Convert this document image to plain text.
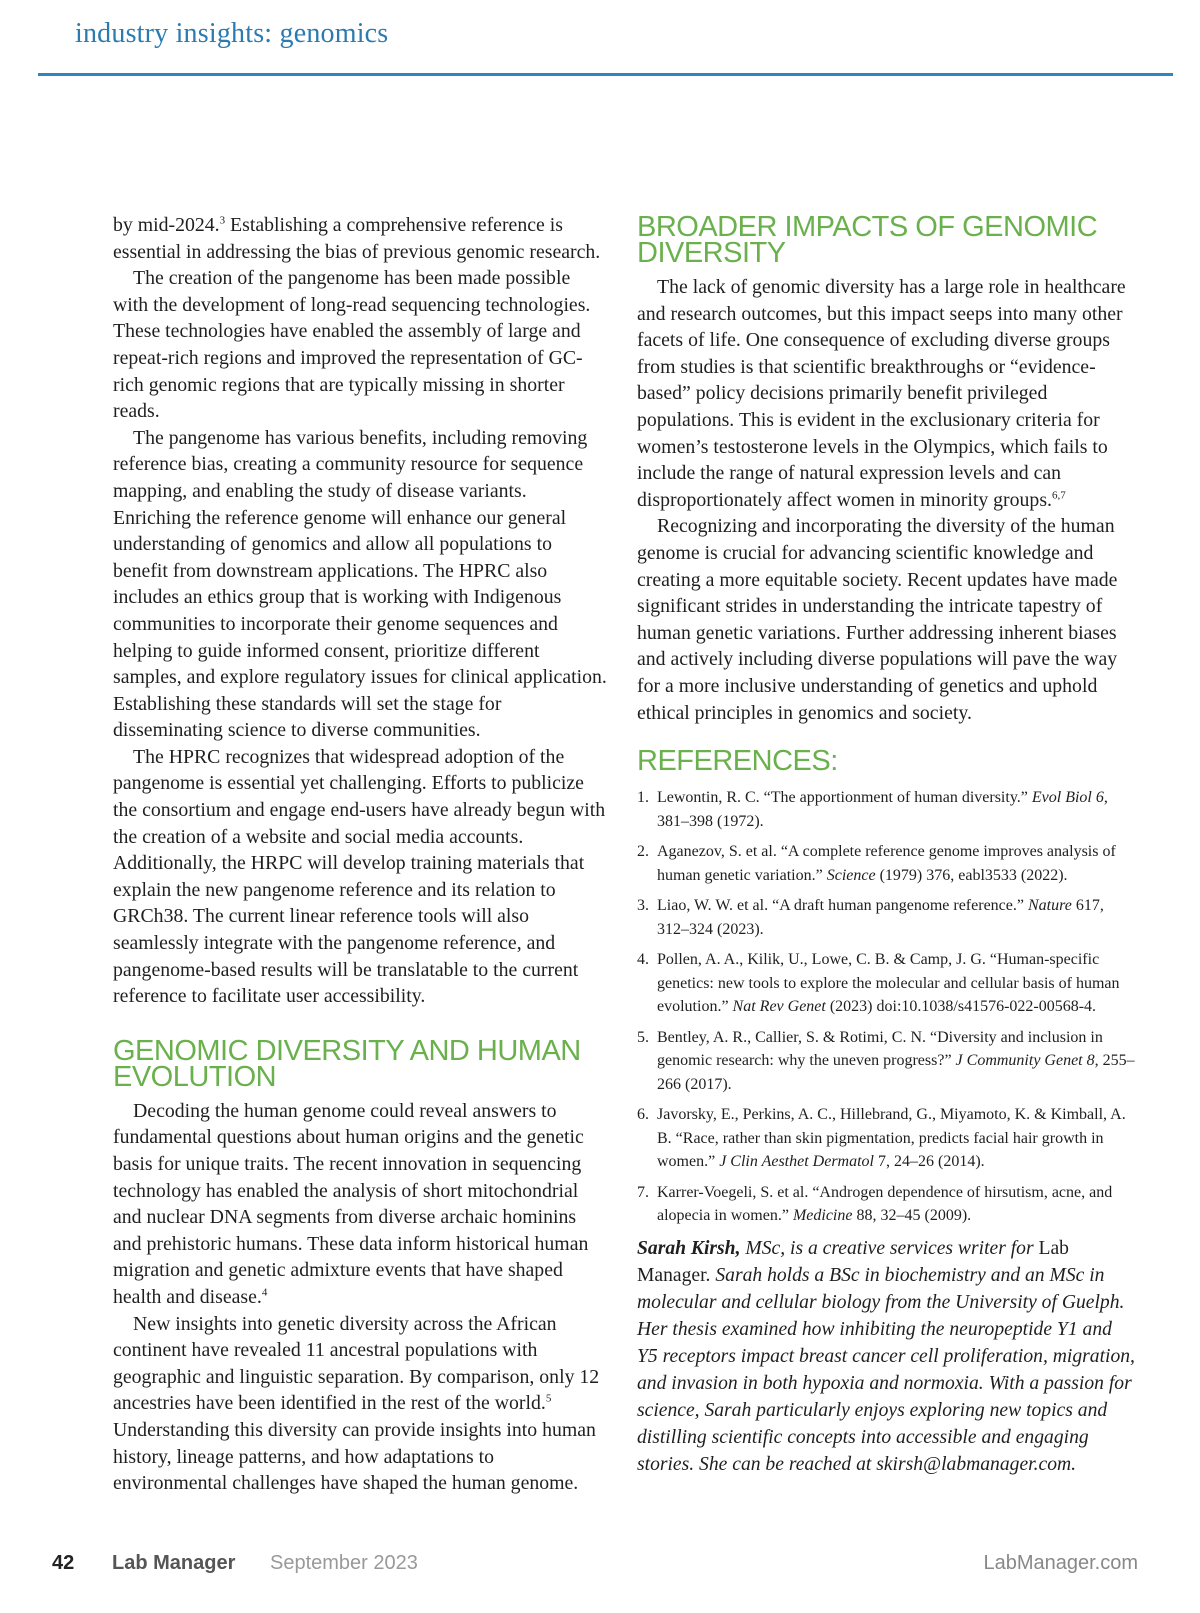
industry insights: genomics

by mid-2024.$^3$ Establishing a comprehensive reference is essential in addressing the bias of previous genomic research.

The creation of the pangenome has been made possible with the development of long-read sequencing technologies. These technologies have enabled the assembly of large and repeat-rich regions and improved the representation of GC-rich genomic regions that are typically missing in shorter reads.

The pangenome has various benefits, including removing reference bias, creating a community resource for sequence mapping, and enabling the study of disease variants. Enriching the reference genome will enhance our general understanding of genomics and allow all populations to benefit from downstream applications. The HPRC also includes an ethics group that is working with Indigenous communities to incorporate their genome sequences and helping to guide informed consent, prioritize different samples, and explore regulatory issues for clinical application. Establishing these standards will set the stage for disseminating science to diverse communities.

The HPRC recognizes that widespread adoption of the pangenome is essential yet challenging. Efforts to publicize the consortium and engage end-users have already begun with the creation of a website and social media accounts. Additionally, the HRPC will develop training materials that explain the new pangenome reference and its relation to GRCh38. The current linear reference tools will also seamlessly integrate with the pangenome reference, and pangenome-based results will be translatable to the current reference to facilitate user accessibility.

GENOMIC DIVERSITY AND HUMAN EVOLUTION

Decoding the human genome could reveal answers to fundamental questions about human origins and the genetic basis for unique traits. The recent innovation in sequencing technology has enabled the analysis of short mitochondrial and nuclear DNA segments from diverse archaic hominins and prehistoric humans. These data inform historical human migration and genetic admixture events that have shaped health and disease.$^4$

New insights into genetic diversity across the African continent have revealed 11 ancestral populations with geographic and linguistic separation. By comparison, only 12 ancestries have been identified in the rest of the world.$^5$ Understanding this diversity can provide insights into human history, lineage patterns, and how adaptations to environmental challenges have shaped the human genome.

BROADER IMPACTS OF GENOMIC DIVERSITY

The lack of genomic diversity has a large role in healthcare and research outcomes, but this impact seeps into many other facets of life. One consequence of excluding diverse groups from studies is that scientific breakthroughs or “evidence-based” policy decisions primarily benefit privileged populations. This is evident in the exclusionary criteria for women’s testosterone levels in the Olympics, which fails to include the range of natural expression levels and can disproportionately affect women in minority groups.$^{6,7}$

Recognizing and incorporating the diversity of the human genome is crucial for advancing scientific knowledge and creating a more equitable society. Recent updates have made significant strides in understanding the intricate tapestry of human genetic variations. Further addressing inherent biases and actively including diverse populations will pave the way for a more inclusive understanding of genetics and uphold ethical principles in genomics and society.

REFERENCES:
1. Lewontin, R. C. “The apportionment of human diversity.” Evol Biol 6, 381–398 (1972).
2. Aganezov, S. et al. “A complete reference genome improves analysis of human genetic variation.” Science (1979) 376, eabl3533 (2022).
3. Liao, W. W. et al. “A draft human pangenome reference.” Nature 617, 312–324 (2023).
4. Pollen, A. A., Kilik, U., Lowe, C. B. & Camp, J. G. “Human-specific genetics: new tools to explore the molecular and cellular basis of human evolution.” Nat Rev Genet (2023) doi:10.1038/s41576-022-00568-4.
5. Bentley, A. R., Callier, S. & Rotimi, C. N. “Diversity and inclusion in genomic research: why the uneven progress?” J Community Genet 8, 255–266 (2017).
6. Javorsky, E., Perkins, A. C., Hillebrand, G., Miyamoto, K. & Kimball, A. B. “Race, rather than skin pigmentation, predicts facial hair growth in women.” J Clin Aesthet Dermatol 7, 24–26 (2014).
7. Karrer-Voegeli, S. et al. “Androgen dependence of hirsutism, acne, and alopecia in women.” Medicine 88, 32–45 (2009).

Sarah Kirsh, MSc, is a creative services writer for Lab Manager. Sarah holds a BSc in biochemistry and an MSc in molecular and cellular biology from the University of Guelph. Her thesis examined how inhibiting the neuropeptide Y1 and Y5 receptors impact breast cancer cell proliferation, migration, and invasion in both hypoxia and normoxia. With a passion for science, Sarah particularly enjoys exploring new topics and distilling scientific concepts into accessible and engaging stories. She can be reached at skirsh@labmanager.com.

42 Lab Manager September 2023	LabManager.com
